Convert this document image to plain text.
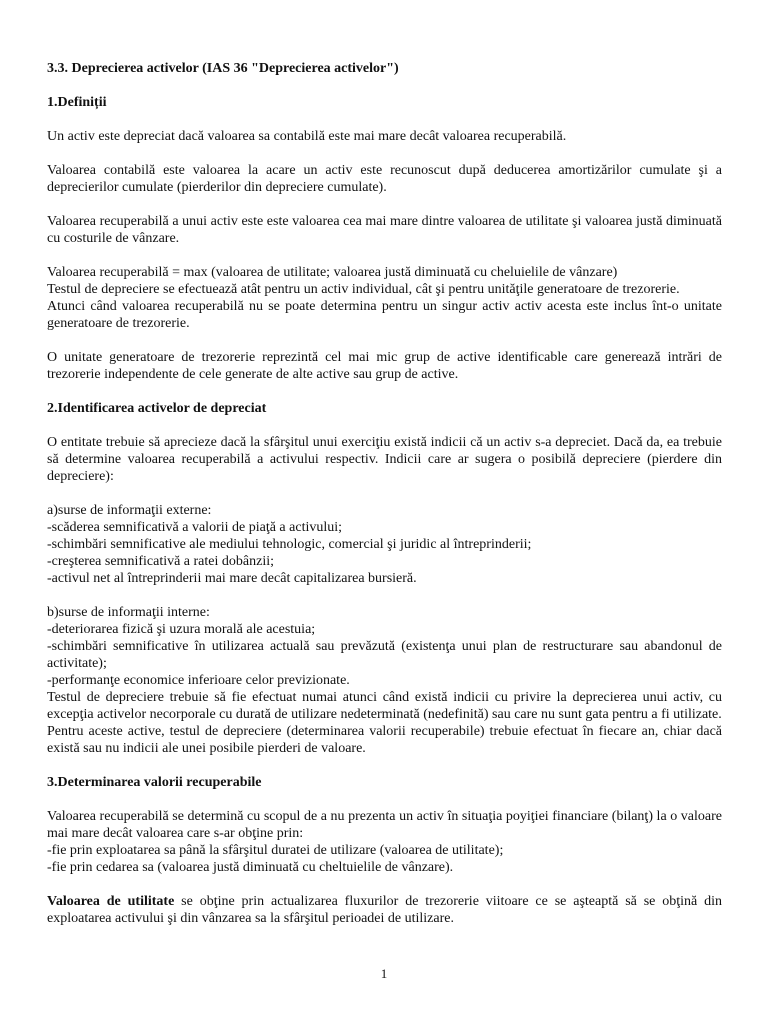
3.3. Deprecierea activelor (IAS 36 "Deprecierea activelor")

1.Definiții

Un activ este depreciat dacă valoarea sa contabilă este mai mare decât valoarea recuperabilă.

Valoarea contabilă este valoarea la acare un activ este recunoscut după deducerea amortizărilor cumulate şi a deprecierilor cumulate (pierderilor din depreciere cumulate).

Valoarea recuperabilă a unui activ este este valoarea cea mai mare dintre valoarea de utilitate şi valoarea justă diminuată cu costurile de vânzare.

Valoarea recuperabilă = max (valoarea de utilitate; valoarea justă diminuată cu cheluielile de vânzare)

Testul de depreciere se efectuează atât pentru un activ individual, cât şi pentru unităţile generatoare de trezorerie.

Atunci când valoarea recuperabilă nu se poate determina pentru un singur activ activ acesta este inclus înt-o unitate generatoare de trezorerie.

O unitate generatoare de trezorerie reprezintă cel mai mic grup de active identificable care generează intrări de trezorerie independente de cele generate de alte active sau grup de active.

2.Identificarea activelor de depreciat

O entitate trebuie să aprecieze dacă la sfârşitul unui exerciţiu există indicii că un activ s-a depreciet. Dacă da, ea trebuie să determine valoarea recuperabilă a activului respectiv. Indicii care ar sugera o posibilă depreciere (pierdere din depreciere):

a)surse de informaţii externe:

-scăderea semnificativă a valorii de piaţă a activului;

-schimbări semnificative ale mediului tehnologic, comercial şi juridic al întreprinderii;

-creşterea semnificativă a ratei dobânzii;

-activul net al întreprinderii mai mare decât capitalizarea bursieră.

b)surse de informaţii interne:

-deteriorarea fizică şi uzura morală ale acestuia;

-schimbări semnificative în utilizarea actuală sau prevăzută (existenţa unui plan de restructurare sau abandonul de activitate);

-performanţe economice inferioare celor previzionate.

Testul de depreciere trebuie să fie efectuat numai atunci când există indicii cu privire la deprecierea unui activ, cu excepţia activelor necorporale cu durată de utilizare nedeterminată (nedefinită) sau care nu sunt gata pentru a fi utilizate.

Pentru aceste active, testul de depreciere (determinarea valorii recuperabile) trebuie efectuat în fiecare an, chiar dacă există sau nu indicii ale unei posibile pierderi de valoare.

3.Determinarea valorii recuperabile

Valoarea recuperabilă se determină cu scopul de a nu prezenta un activ în situaţia poyiţiei financiare (bilanţ) la o valoare mai mare decât valoarea care s-ar obţine prin:

-fie prin exploatarea sa până la sfârşitul duratei de utilizare (valoarea de utilitate);

-fie prin cedarea sa (valoarea justă diminuată cu cheltuielile de vânzare).

Valoarea de utilitate se obţine prin actualizarea fluxurilor de trezorerie viitoare ce se aşteaptă să se obţină din exploatarea activului şi din vânzarea sa la sfârşitul perioadei de utilizare.

1
